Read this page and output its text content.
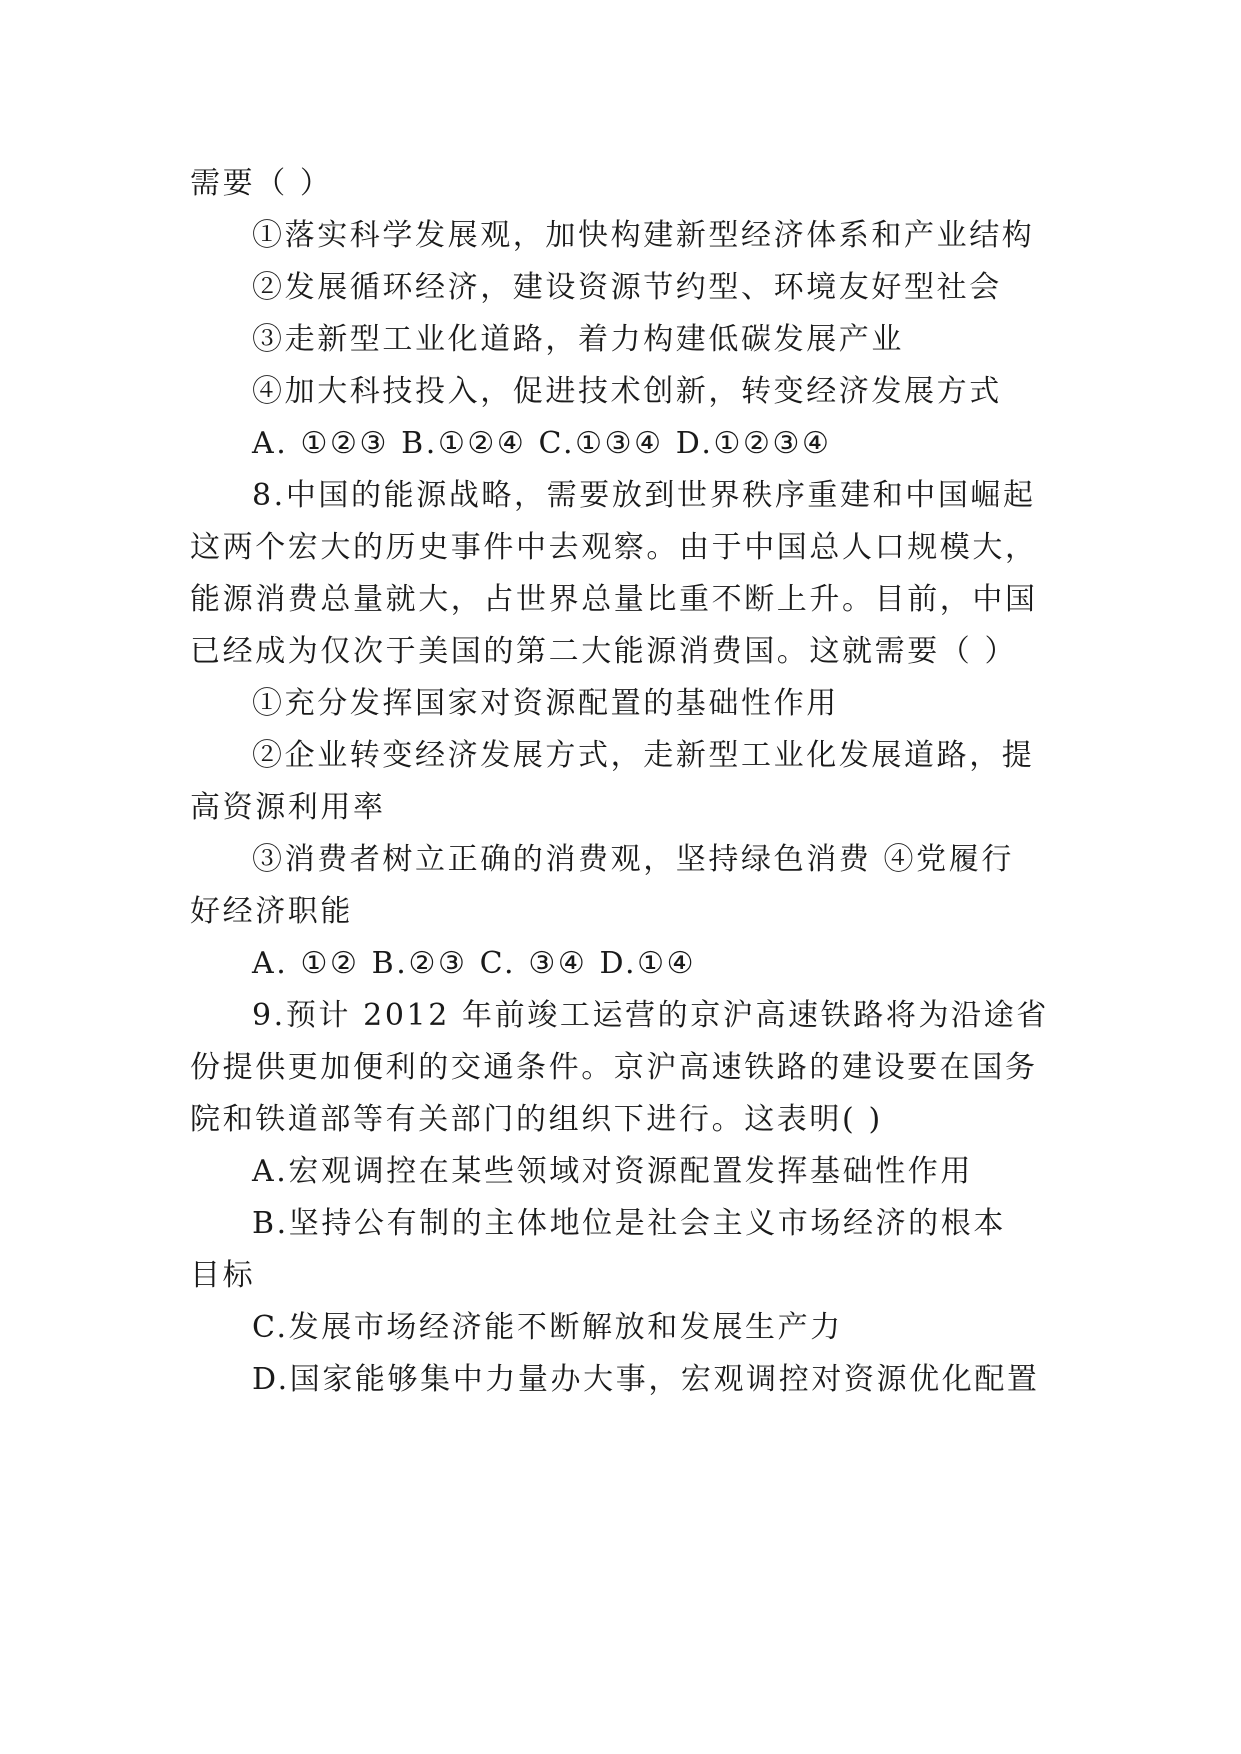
需要（ ）
①落实科学发展观，加快构建新型经济体系和产业结构
②发展循环经济，建设资源节约型、环境友好型社会
③走新型工业化道路，着力构建低碳发展产业
④加大科技投入，促进技术创新，转变经济发展方式
A. ①②③ B.①②④ C.①③④ D.①②③④
8.中国的能源战略，需要放到世界秩序重建和中国崛起
这两个宏大的历史事件中去观察。由于中国总人口规模大，
能源消费总量就大，占世界总量比重不断上升。目前，中国
已经成为仅次于美国的第二大能源消费国。这就需要（ ）
①充分发挥国家对资源配置的基础性作用
②企业转变经济发展方式，走新型工业化发展道路，提
高资源利用率
③消费者树立正确的消费观，坚持绿色消费 ④党履行
好经济职能
A. ①② B.②③ C. ③④ D.①④
9.预计 2012 年前竣工运营的京沪高速铁路将为沿途省
份提供更加便利的交通条件。京沪高速铁路的建设要在国务
院和铁道部等有关部门的组织下进行。这表明( )
A.宏观调控在某些领域对资源配置发挥基础性作用
B.坚持公有制的主体地位是社会主义市场经济的根本
目标
C.发展市场经济能不断解放和发展生产力
D.国家能够集中力量办大事，宏观调控对资源优化配置
